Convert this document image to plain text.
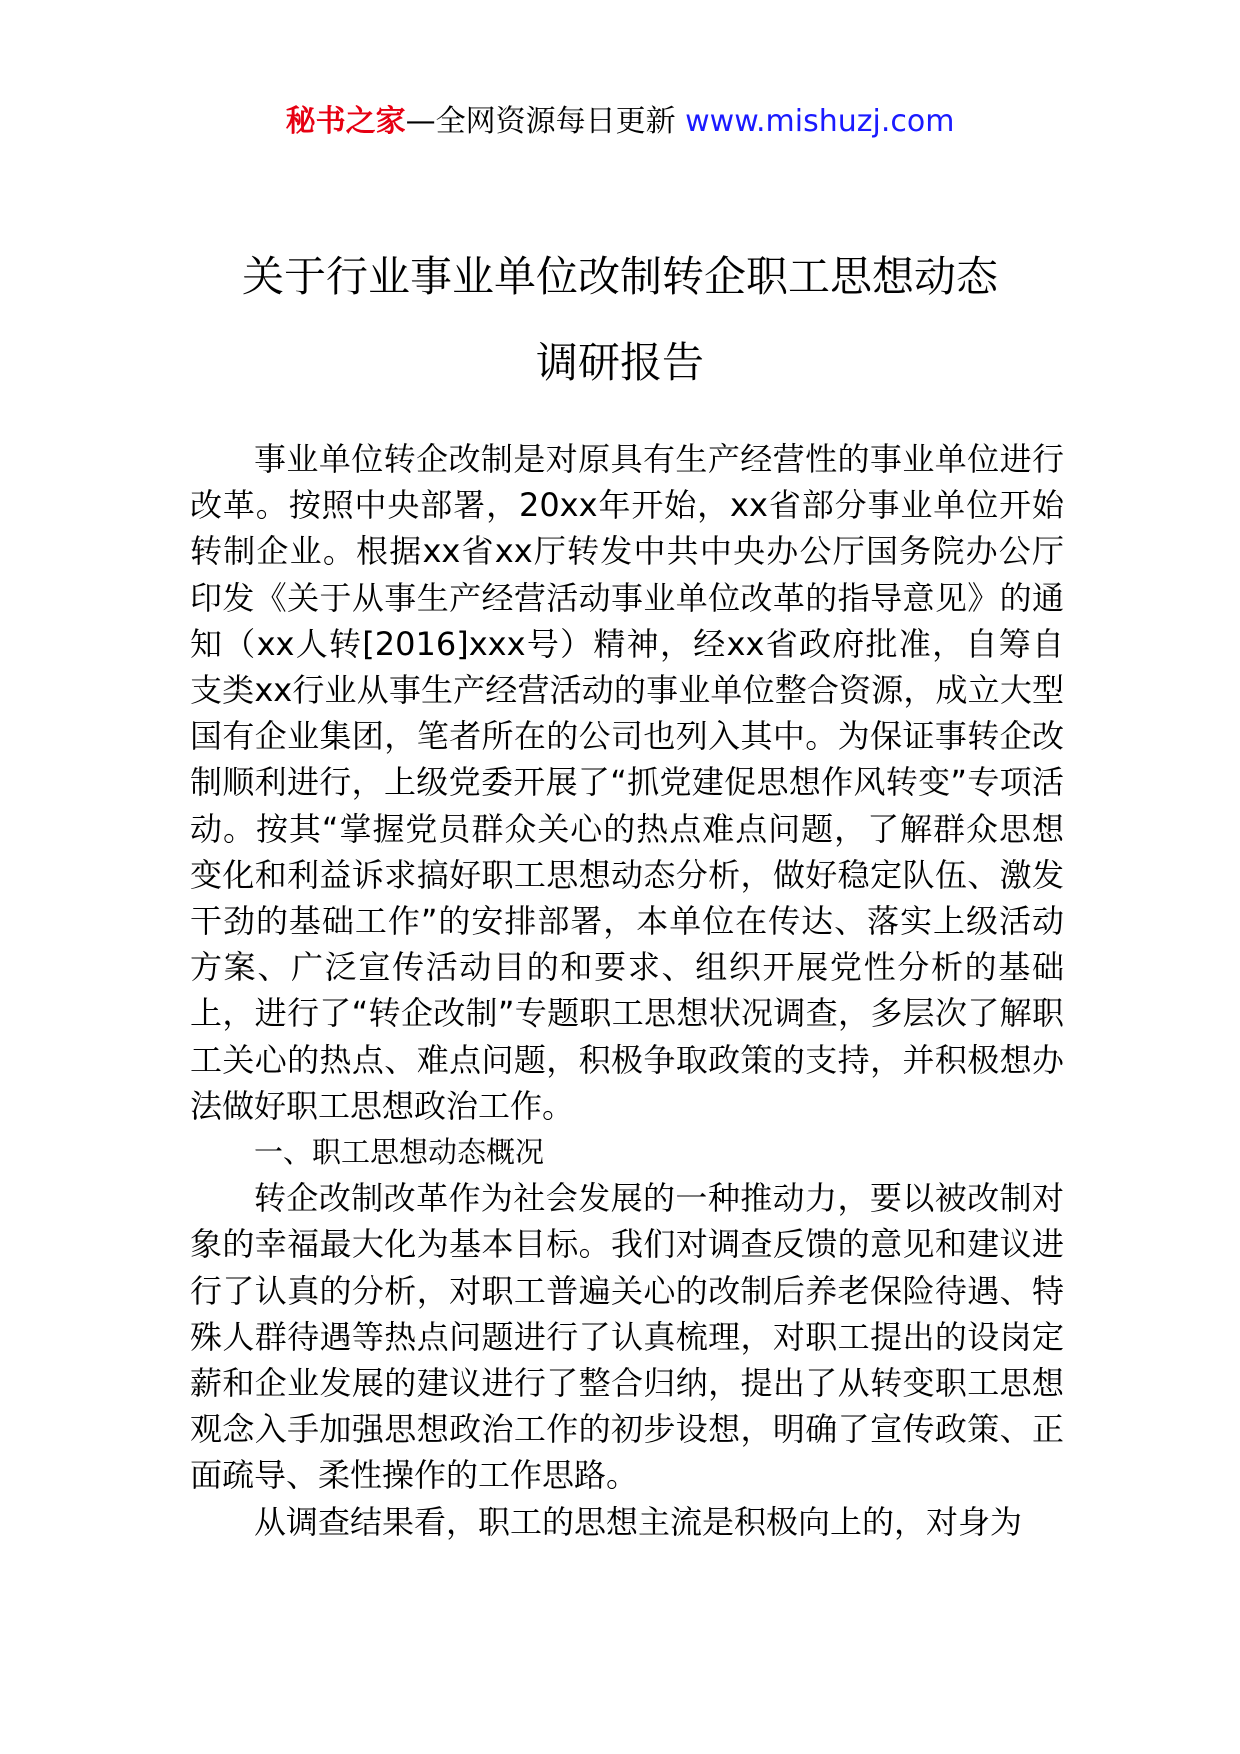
秘书之家—全网资源每日更新 www.mishuzj.com
关于行业事业单位改制转企职工思想动态
调研报告

事业单位转企改制是对原具有生产经营性的事业单位进行改革。按照中央部署，20xx年开始，xx省部分事业单位开始转制企业。根据xx省xx厅转发中共中央办公厅国务院办公厅印发《关于从事生产经营活动事业单位改革的指导意见》的通知（xx人转[2016]xxx号）精神，经xx省政府批准，自筹自支类xx行业从事生产经营活动的事业单位整合资源，成立大型国有企业集团，笔者所在的公司也列入其中。为保证事转企改制顺利进行，上级党委开展了“抓党建促思想作风转变”专项活动。按其“掌握党员群众关心的热点难点问题，了解群众思想变化和利益诉求搞好职工思想动态分析，做好稳定队伍、激发干劲的基础工作”的安排部署，本单位在传达、落实上级活动方案、广泛宣传活动目的和要求、组织开展党性分析的基础上，进行了“转企改制”专题职工思想状况调查，多层次了解职工关心的热点、难点问题，积极争取政策的支持，并积极想办法做好职工思想政治工作。

一、职工思想动态概况

转企改制改革作为社会发展的一种推动力，要以被改制对象的幸福最大化为基本目标。我们对调查反馈的意见和建议进行了认真的分析，对职工普遍关心的改制后养老保险待遇、特殊人群待遇等热点问题进行了认真梳理，对职工提出的设岗定薪和企业发展的建议进行了整合归纳，提出了从转变职工思想观念入手加强思想政治工作的初步设想，明确了宣传政策、正面疏导、柔性操作的工作思路。

从调查结果看，职工的思想主流是积极向上的，对身为
